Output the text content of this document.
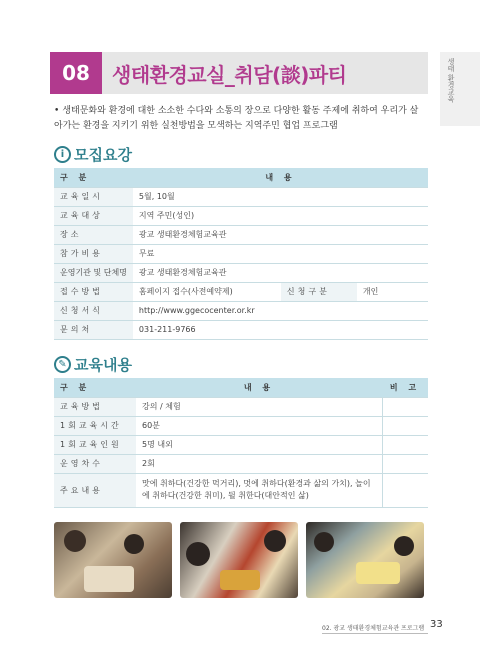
08	생태환경교실_취담(談)파티	생태 환경교육
• 생태문화와 환경에 대한 소소한 수다와 소통의 장으로 다양한 활동 주제에 취하여 우리가 살아가는 환경을 지키기 위한 실천방법을 모색하는 지역주민 협업 프로그램
i 모집요강
구 분	내 용		
교육일시	5월, 10월		
교육대상	지역 주민(성인)		
장소	광교 생태환경체험교육관		
참가비용	무료		
운영기관 및 단체명	광교 생태환경체험교육관		
접수방법	홈페이지 접수(사전예약제)	신청구분	개인
신청서식	http://www.ggecocenter.or.kr		
문의처	031-211-9766		
✎ 교육내용
구 분	내 용	비 고
교육방법	강의 / 체험	
1회교육시간	60분	
1회교육인원	5명 내외	
운영차수	2회	
주요내용	맛에 취하다(건강한 먹거리), 멋에 취하다(환경과 삶의 가치), 놀이에 취하다(건강한 취미), 뒬 취한다(대안적인 삶)	
02. 광교 생태환경체험교육관 프로그램 33
